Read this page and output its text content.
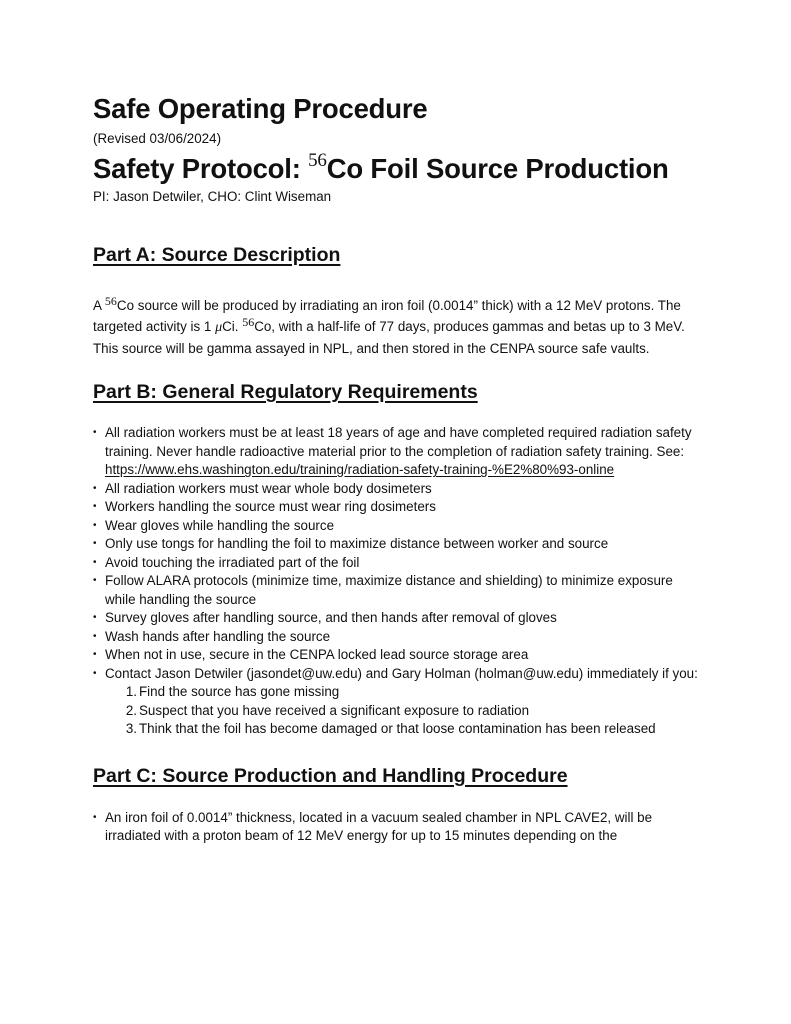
Safe Operating Procedure
(Revised 03/06/2024)
Safety Protocol: $^{56}$Co Foil Source Production
PI: Jason Detwiler, CHO: Clint Wiseman
Part A: Source Description

A 56Co source will be produced by irradiating an iron foil (0.0014” thick) with a 12 MeV protons. The targeted activity is 1 μCi. 56Co, with a half-life of 77 days, produces gammas and betas up to 3 MeV. This source will be gamma assayed in NPL, and then stored in the CENPA source safe vaults.

Part B: General Regulatory Requirements
• All radiation workers must be at least 18 years of age and have completed required radiation safety training. Never handle radioactive material prior to the completion of radiation safety training. See: https://www.ehs.washington.edu/training/radiation-safety-training-%E2%80%93-online
• All radiation workers must wear whole body dosimeters
• Workers handling the source must wear ring dosimeters
• Wear gloves while handling the source
• Only use tongs for handling the foil to maximize distance between worker and source
• Avoid touching the irradiated part of the foil
• Follow ALARA protocols (minimize time, maximize distance and shielding) to minimize exposure while handling the source
• Survey gloves after handling source, and then hands after removal of gloves
• Wash hands after handling the source
• When not in use, secure in the CENPA locked lead source storage area
• Contact Jason Detwiler (jasondet@uw.edu) and Gary Holman (holman@uw.edu) immediately if you:
1. Find the source has gone missing
2. Suspect that you have received a significant exposure to radiation
3. Think that the foil has become damaged or that loose contamination has been released
Part C: Source Production and Handling Procedure
• An iron foil of 0.0014” thickness, located in a vacuum sealed chamber in NPL CAVE2, will be irradiated with a proton beam of 12 MeV energy for up to 15 minutes depending on the
